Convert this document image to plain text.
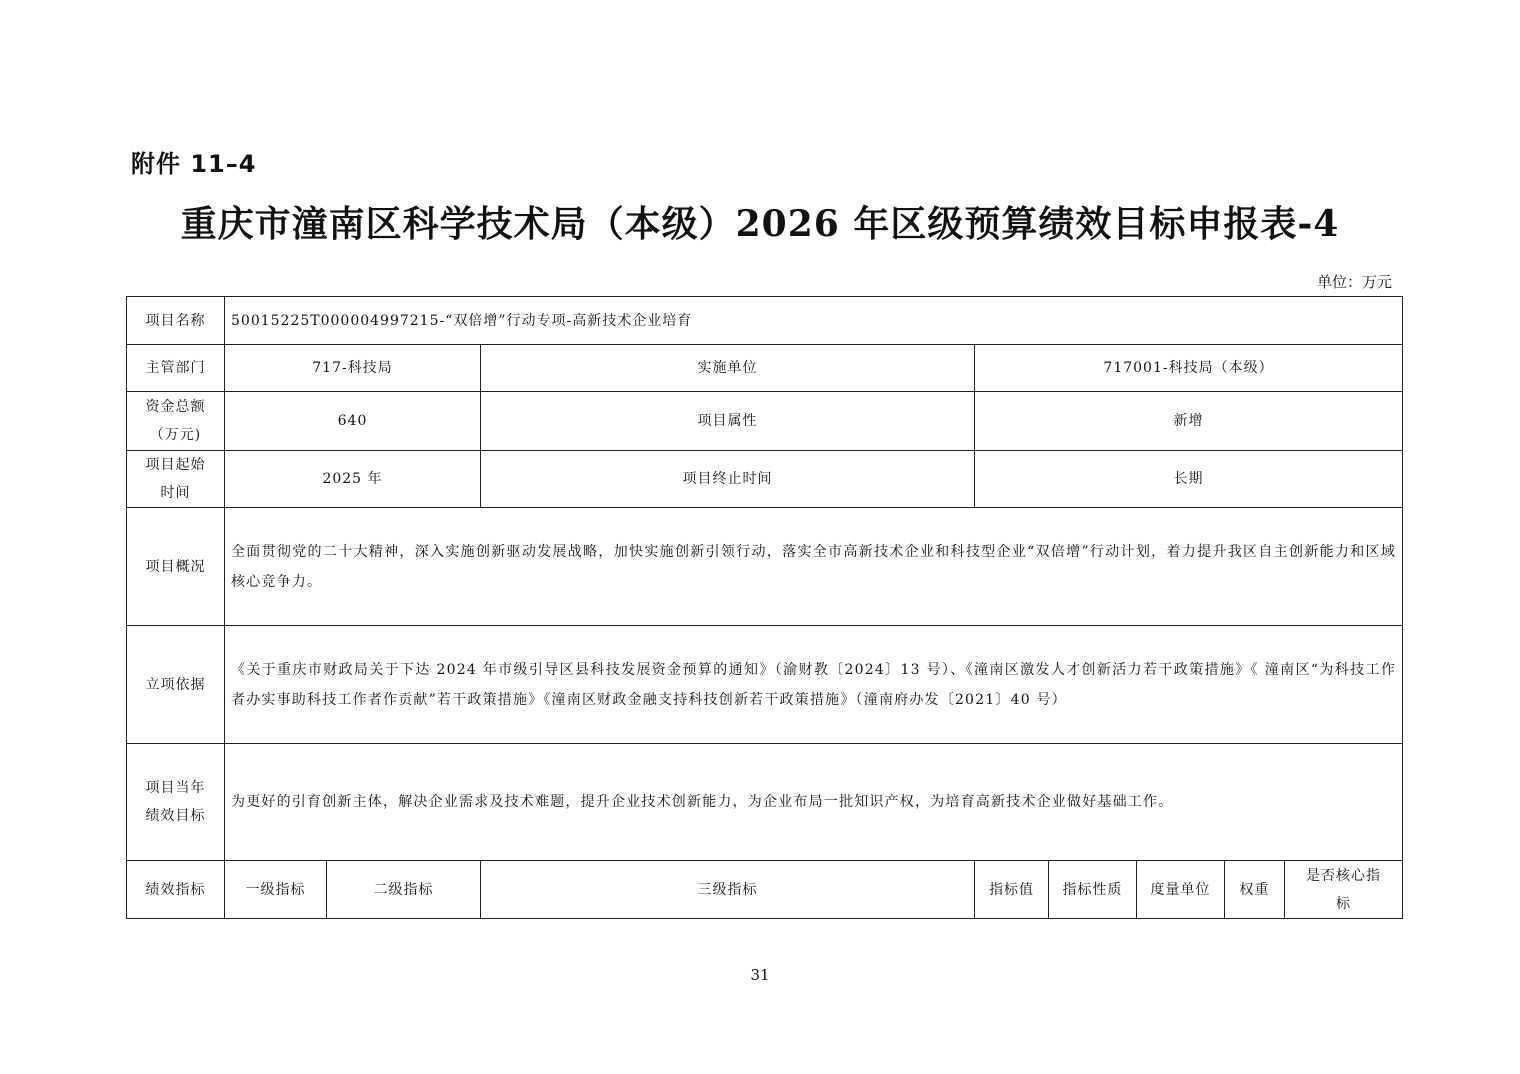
附件 11–4
重庆市潼南区科学技术局（本级）2026 年区级预算绩效目标申报表-4
单位：万元
项目名称	50015225T000004997215-“双倍增”行动专项-高新技术企业培育							
主管部门	717-科技局		实施单位	717001-科技局（本级）				

资金总额
（万元)	640		项目属性	新增				

项目起始
时间	2025 年		项目终止时间	长期				
项目概况	全面贯彻党的二十大精神，深入实施创新驱动发展战略，加快实施创新引领行动，落实全市高新技术企业和科技型企业“双倍增”行动计划，着力提升我区自主创新能力和区域核心竞争力。							

立项依据	《关于重庆市财政局关于下达 2024 年市级引导区县科技发展资金预算的通知》（渝财教〔2024〕13 号）、《潼南区激发人才创新活力若干政策措施》《 潼南区“为科技工作者办实事助科技工作者作贡献”若干政策措施》《潼南区财政金融支持科技创新若干政策措施》（潼南府办发〔2021〕40 号）							

项目当年
绩效目标	为更好的引育创新主体，解决企业需求及技术难题，提升企业技术创新能力，为企业布局一批知识产权，为培育高新技术企业做好基础工作。							

绩效指标	一级指标	二级指标	三级指标	指标值	指标性质	度量单位	权重	是否核心指
标
31
